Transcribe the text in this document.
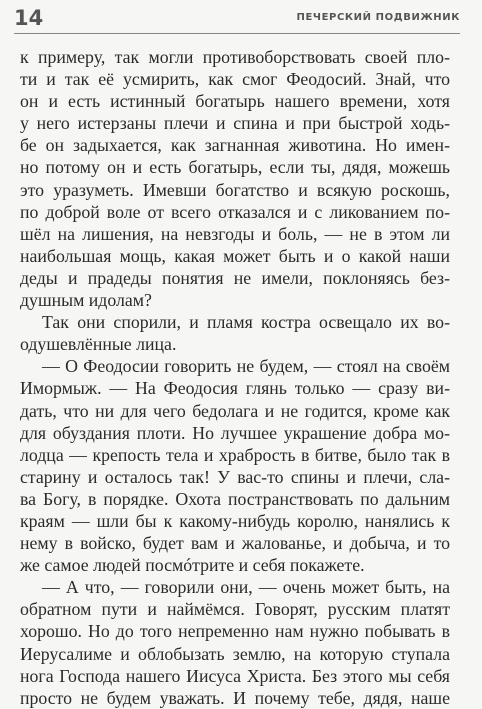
14	ПЕЧЕРСКИЙ ПОДВИЖНИК
к примеру, так могли противоборствовать своей пло-
ти и так её усмирить, как смог Феодосий. Знай, что
он и есть истинный богатырь нашего времени, хотя
у него истерзаны плечи и спина и при быстрой ходь-
бе он задыхается, как загнанная животина. Но имен-
но потому он и есть богатырь, если ты, дядя, можешь
это уразуметь. Имевши богатство и всякую роскошь,
по доброй воле от всего отказался и с ликованием по-
шёл на лишения, на невзгоды и боль, — не в этом ли
наибольшая мощь, какая может быть и о какой наши
деды и прадеды понятия не имели, поклоняясь без-
душным идолам?
Так они спорили, и пламя костра освещало их во-
одушевлённые лица.
— О Феодосии говорить не будем, — стоял на своём
Имормыж. — На Феодосия глянь только — сразу ви-
дать, что ни для чего бедолага и не годится, кроме как
для обуздания плоти. Но лучшее украшение добра мо-
лодца — крепость тела и храбрость в битве, было так в
старину и осталось так! У вас-то спины и плечи, сла-
ва Богу, в порядке. Охота постранствовать по дальним
краям — шли бы к какому-нибудь королю, нанялись к
нему в войско, будет вам и жалованье, и добыча, и то
же самое людей посмóтрите и себя покажете.
— А что, — говорили они, — очень может быть, на
обратном пути и наймёмся. Говорят, русским платят
хорошо. Но до того непременно нам нужно побывать в
Иерусалиме и облобызать землю, на которую ступала
нога Господа нашего Иисуса Христа. Без этого мы себя
просто не будем уважать. И почему тебе, дядя, наше
